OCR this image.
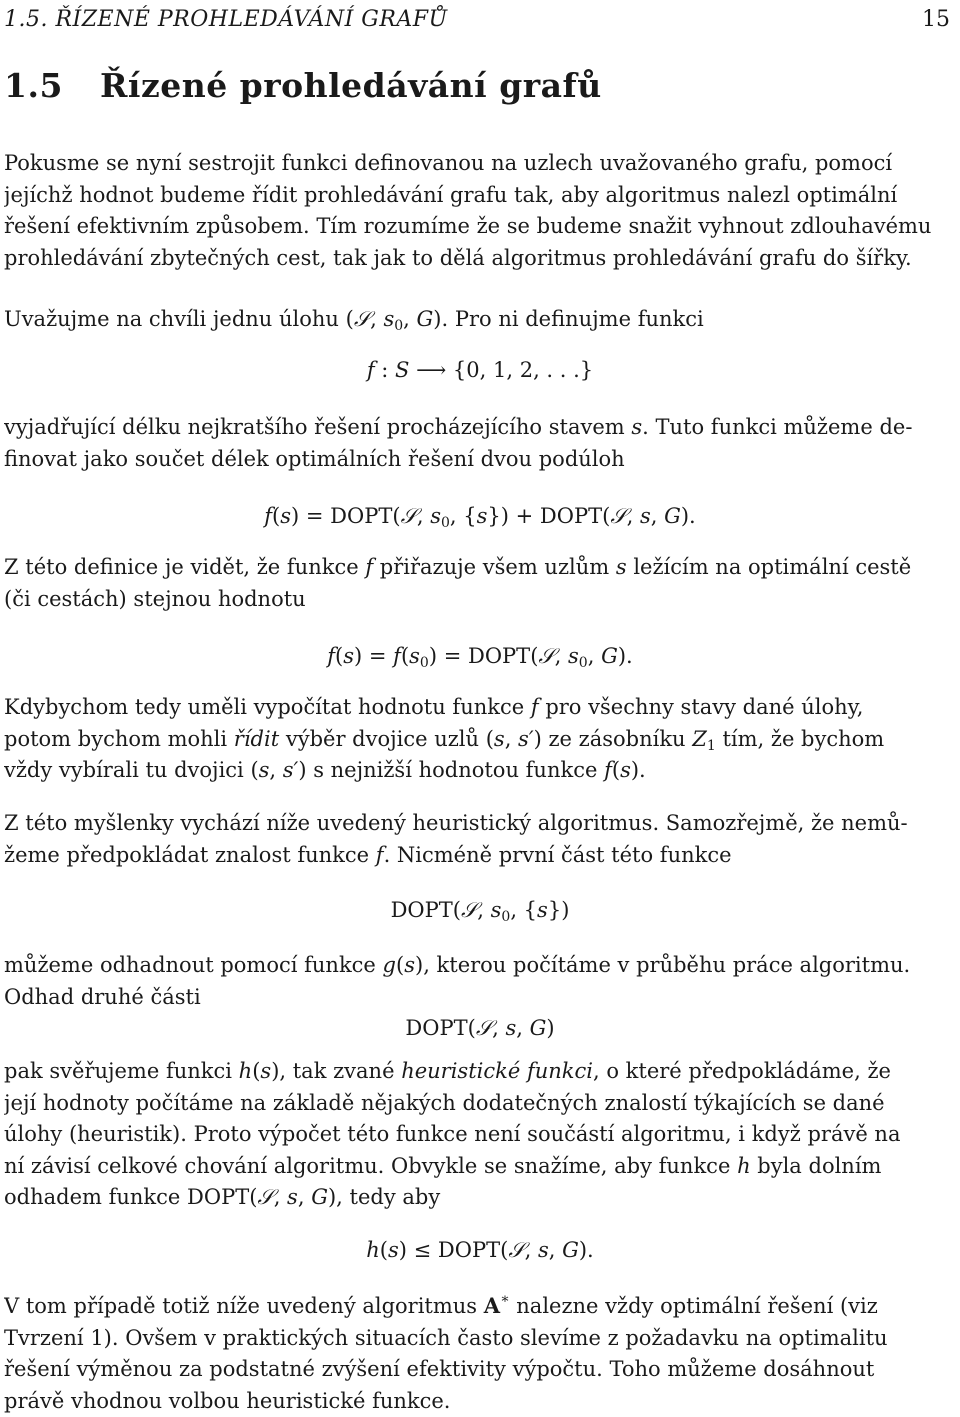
1.5. ŘÍZENÉ PROHLEDÁVÁNÍ GRAFŮ	15
1.5 Řízené prohledávání grafů
Pokusme se nyní sestrojit funkci definovanou na uzlech uvažovaného grafu, pomocí
jejíchž hodnot budeme řídit prohledávání grafu tak, aby algoritmus nalezl optimální
řešení efektivním způsobem. Tím rozumíme že se budeme snažit vyhnout zdlouhavému
prohledávání zbytečných cest, tak jak to dělá algoritmus prohledávání grafu do šířky.
Uvažujme na chvíli jednu úlohu (𝒮, $s_0$, G). Pro ni definujme funkci
f : S ⟶ {0, 1, 2, . . .}
vyjadřující délku nejkratšího řešení procházejícího stavem s. Tuto funkci můžeme de-
finovat jako součet délek optimálních řešení dvou podúloh
f(s) = DOPT(𝒮, $s_0$, {s}) + DOPT(𝒮, s, G).
Z této definice je vidět, že funkce f přiřazuje všem uzlům s ležícím na optimální cestě
(či cestách) stejnou hodnotu
$f(s) = f(s_0)$ = DOPT(𝒮, $s_0$, G).
Kdybychom tedy uměli vypočítat hodnotu funkce f pro všechny stavy dané úlohy,
potom bychom mohli řídit výběr dvojice uzlů (s, s′) ze zásobníku $Z_1$ tím, že bychom
vždy vybírali tu dvojici (s, s′) s nejnižší hodnotou funkce f(s).
Z této myšlenky vychází níže uvedený heuristický algoritmus. Samozřejmě, že nemů-
žeme předpokládat znalost funkce f. Nicméně první část této funkce
DOPT(𝒮, $s_0$, {s})
můžeme odhadnout pomocí funkce g(s), kterou počítáme v průběhu práce algoritmu.
Odhad druhé části
DOPT(𝒮, s, G)
pak svěřujeme funkci h(s), tak zvané heuristické funkci, o které předpokládáme, že
její hodnoty počítáme na základě nějakých dodatečných znalostí týkajících se dané
úlohy (heuristik). Proto výpočet této funkce není součástí algoritmu, i když právě na
ní závisí celkové chování algoritmu. Obvykle se snažíme, aby funkce h byla dolním
odhadem funkce DOPT(𝒮, s, G), tedy aby
h(s) ≤ DOPT(𝒮, s, G).
V tom případě totiž níže uvedený algoritmus A∗ nalezne vždy optimální řešení (viz
Tvrzení 1). Ovšem v praktických situacích často slevíme z požadavku na optimalitu
řešení výměnou za podstatné zvýšení efektivity výpočtu. Toho můžeme dosáhnout
právě vhodnou volbou heuristické funkce.
